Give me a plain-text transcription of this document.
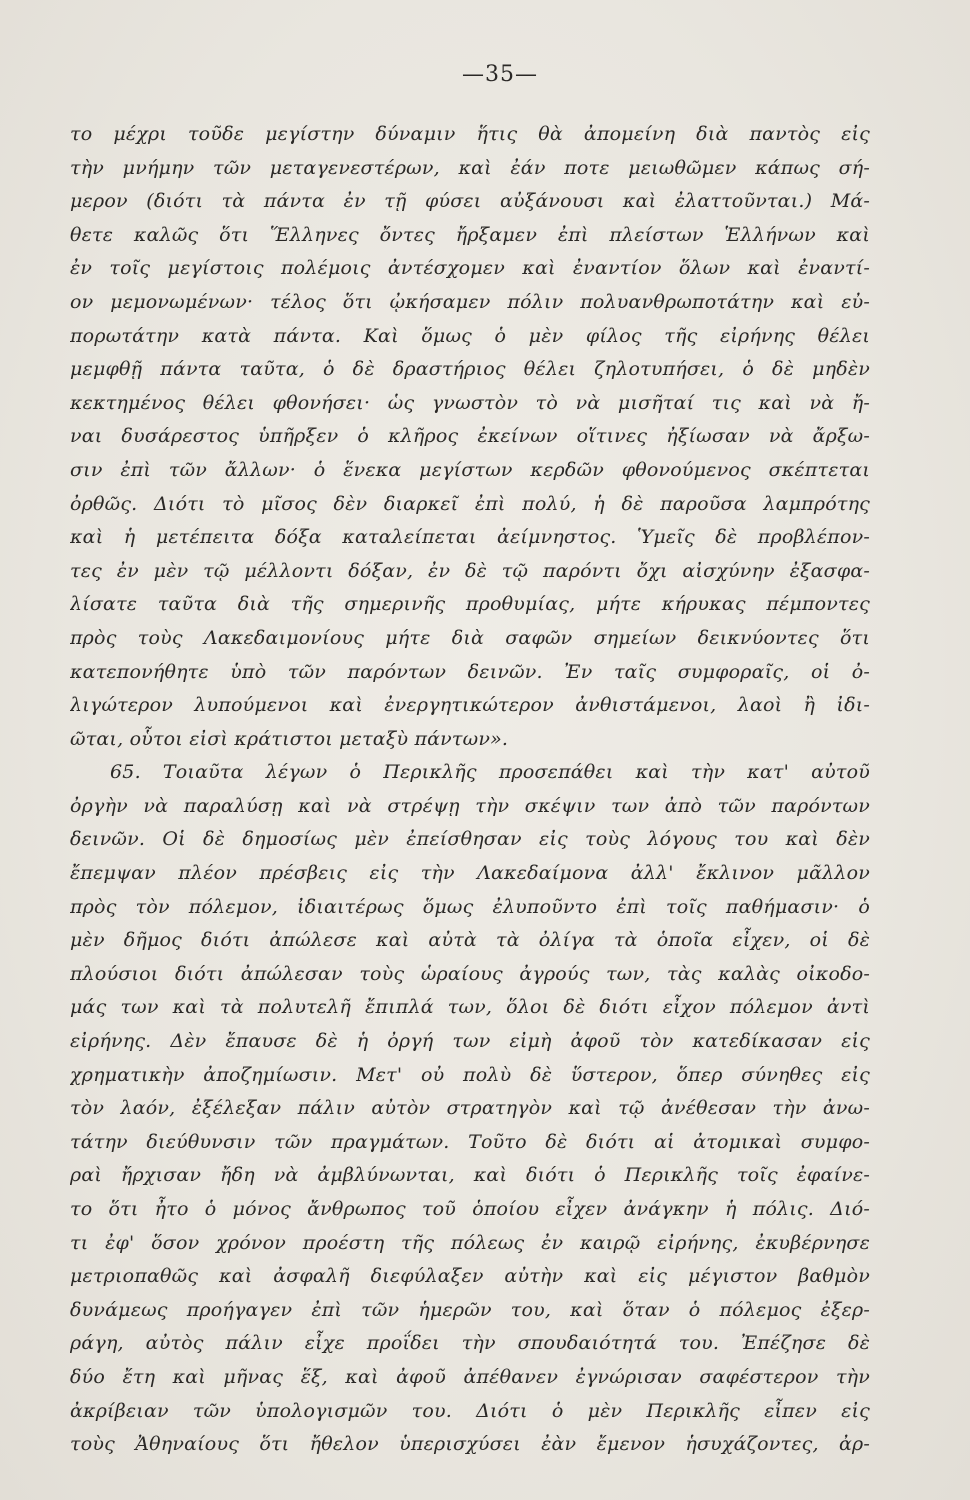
—35—
το μέχρι τοῦδε μεγίστην δύναμιν ἥτις θὰ ἀπομείνη διὰ παντὸς εἰς
τὴν μνήμην τῶν μεταγενεστέρων, καὶ ἐάν ποτε μειωθῶμεν κάπως σή-
μερον (διότι τὰ πάντα ἐν τῇ φύσει αὐξάνουσι καὶ ἐλαττοῦνται.) Μά-
θετε καλῶς ὅτι Ἕλληνες ὄντες ἤρξαμεν ἐπὶ πλείστων Ἑλλήνων καὶ
ἐν τοῖς μεγίστοις πολέμοις ἀντέσχομεν καὶ ἐναντίον ὅλων καὶ ἐναντί-
ον μεμονωμένων· τέλος ὅτι ᾠκήσαμεν πόλιν πολυανθρωποτάτην καὶ εὐ-
πορωτάτην κατὰ πάντα. Καὶ ὅμως ὁ μὲν φίλος τῆς εἰρήνης θέλει
μεμφθῇ πάντα ταῦτα, ὁ δὲ δραστήριος θέλει ζηλοτυπήσει, ὁ δὲ μηδὲν
κεκτημένος θέλει φθονήσει· ὡς γνωστὸν τὸ νὰ μισῆταί τις καὶ νὰ ἤ-
ναι δυσάρεστος ὑπῆρξεν ὁ κλῆρος ἐκείνων οἵτινες ἠξίωσαν νὰ ἄρξω-
σιν ἐπὶ τῶν ἄλλων· ὁ ἕνεκα μεγίστων κερδῶν φθονούμενος σκέπτεται
ὀρθῶς. Διότι τὸ μῖσος δὲν διαρκεῖ ἐπὶ πολύ, ἡ δὲ παροῦσα λαμπρότης
καὶ ἡ μετέπειτα δόξα καταλείπεται ἀείμνηστος. Ὑμεῖς δὲ προβλέπον-
τες ἐν μὲν τῷ μέλλοντι δόξαν, ἐν δὲ τῷ παρόντι ὄχι αἰσχύνην ἐξασφα-
λίσατε ταῦτα διὰ τῆς σημερινῆς προθυμίας, μήτε κήρυκας πέμποντες
πρὸς τοὺς Λακεδαιμονίους μήτε διὰ σαφῶν σημείων δεικνύοντες ὅτι
κατεπονήθητε ὑπὸ τῶν παρόντων δεινῶν. Ἐν ταῖς συμφοραῖς, οἱ ὀ-
λιγώτερον λυπούμενοι καὶ ἐνεργητικώτερον ἀνθιστάμενοι, λαοὶ ἢ ἰδι-
ῶται, οὗτοι εἰσὶ κράτιστοι μεταξὺ πάντων».
65. Τοιαῦτα λέγων ὁ Περικλῆς προσεπάθει καὶ τὴν κατ' αὐτοῦ
ὀργὴν νὰ παραλύσῃ καὶ νὰ στρέψῃ τὴν σκέψιν των ἀπὸ τῶν παρόντων
δεινῶν. Οἱ δὲ δημοσίως μὲν ἐπείσθησαν εἰς τοὺς λόγους του καὶ δὲν
ἔπεμψαν πλέον πρέσβεις εἰς τὴν Λακεδαίμονα ἀλλ' ἔκλινον μᾶλλον
πρὸς τὸν πόλεμον, ἰδιαιτέρως ὅμως ἐλυποῦντο ἐπὶ τοῖς παθήμασιν· ὁ
μὲν δῆμος διότι ἀπώλεσε καὶ αὐτὰ τὰ ὀλίγα τὰ ὁποῖα εἶχεν, οἱ δὲ
πλούσιοι διότι ἀπώλεσαν τοὺς ὡραίους ἀγρούς των, τὰς καλὰς οἰκοδο-
μάς των καὶ τὰ πολυτελῆ ἔπιπλά των, ὅλοι δὲ διότι εἶχον πόλεμον ἀντὶ
εἰρήνης. Δὲν ἔπαυσε δὲ ἡ ὀργή των εἰμὴ ἀφοῦ τὸν κατεδίκασαν εἰς
χρηματικὴν ἀποζημίωσιν. Μετ' οὐ πολὺ δὲ ὕστερον, ὅπερ σύνηθες εἰς
τὸν λαόν, ἐξέλεξαν πάλιν αὐτὸν στρατηγὸν καὶ τῷ ἀνέθεσαν τὴν ἀνω-
τάτην διεύθυνσιν τῶν πραγμάτων. Τοῦτο δὲ διότι αἱ ἀτομικαὶ συμφο-
ραὶ ἤρχισαν ἤδη νὰ ἀμβλύνωνται, καὶ διότι ὁ Περικλῆς τοῖς ἐφαίνε-
το ὅτι ἦτο ὁ μόνος ἄνθρωπος τοῦ ὁποίου εἶχεν ἀνάγκην ἡ πόλις. Διό-
τι ἐφ' ὅσον χρόνον προέστη τῆς πόλεως ἐν καιρῷ εἰρήνης, ἐκυβέρνησε
μετριοπαθῶς καὶ ἀσφαλῆ διεφύλαξεν αὐτὴν καὶ εἰς μέγιστον βαθμὸν
δυνάμεως προήγαγεν ἐπὶ τῶν ἡμερῶν του, καὶ ὅταν ὁ πόλεμος ἐξερ-
ράγη, αὐτὸς πάλιν εἶχε προΐδει τὴν σπουδαιότητά του. Ἐπέζησε δὲ
δύο ἔτη καὶ μῆνας ἕξ, καὶ ἀφοῦ ἀπέθανεν ἐγνώρισαν σαφέστερον τὴν
ἀκρίβειαν τῶν ὑπολογισμῶν του. Διότι ὁ μὲν Περικλῆς εἶπεν εἰς
τοὺς Ἀθηναίους ὅτι ἤθελον ὑπερισχύσει ἐὰν ἔμενον ἡσυχάζοντες, ἀρ-
